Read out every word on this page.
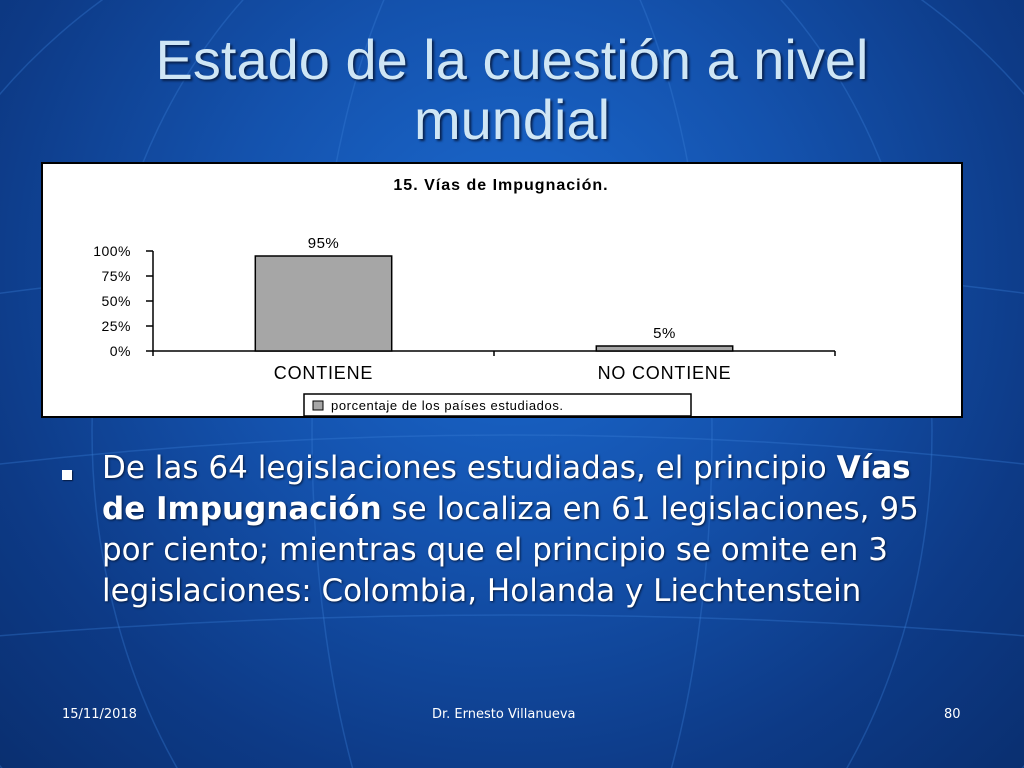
Estado de la cuestión a nivel mundial
15. Vías de Impugnación.
0%
25%
50%
75%
100%	95%
CONTIENE
5%
NO CONTIENE
porcentaje de los países estudiados.
De las 64 legislaciones estudiadas, el principio Vías de Impugnación se localiza en 61 legislaciones, 95 por ciento; mientras que el principio se omite en 3 legislaciones: Colombia, Holanda y Liechtenstein
15/11/2018	Dr. Ernesto Villanueva	80
